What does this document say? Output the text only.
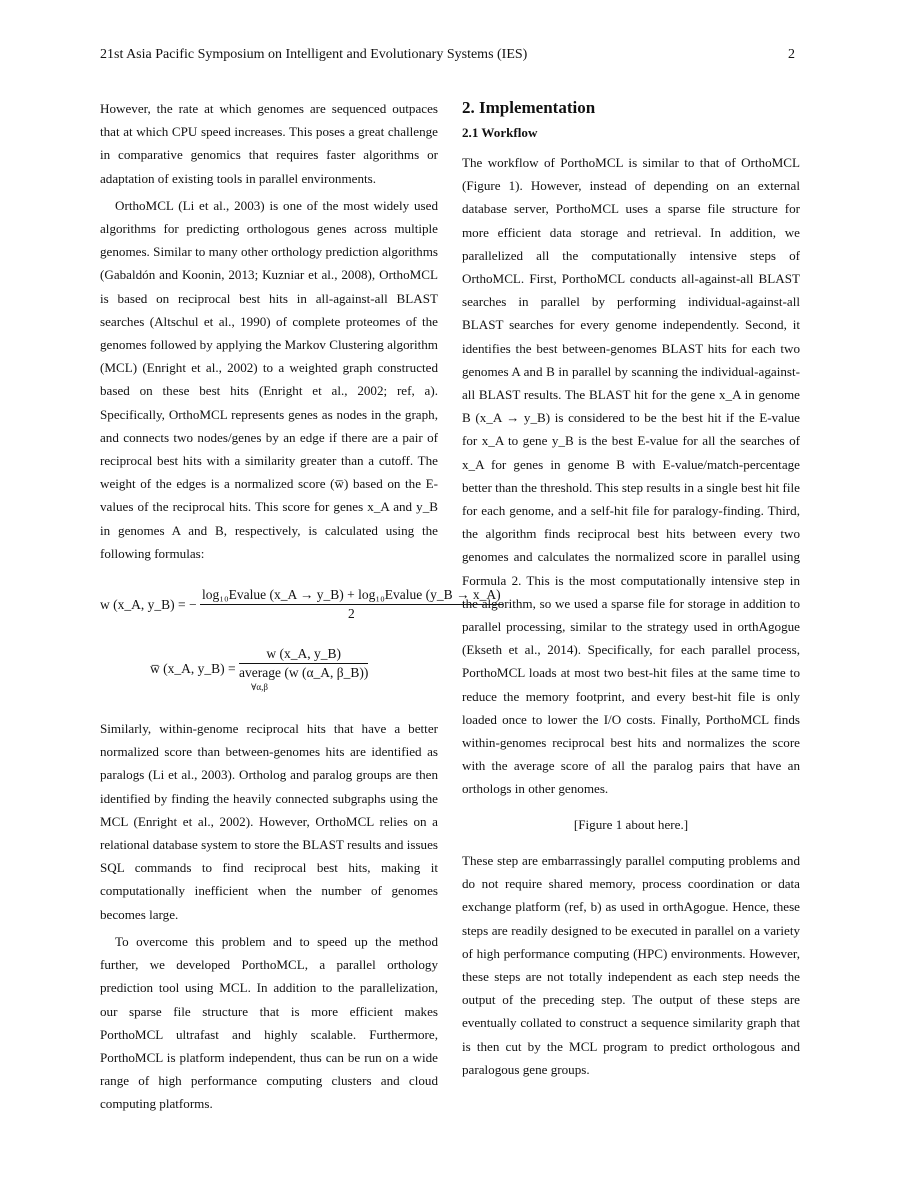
21st Asia Pacific Symposium on Intelligent and Evolutionary Systems (IES)	2

However, the rate at which genomes are sequenced outpaces that at which CPU speed increases. This poses a great challenge in comparative genomics that requires faster algorithms or adaptation of existing tools in parallel environments.

OrthoMCL (Li et al., 2003) is one of the most widely used algorithms for predicting orthologous genes across multiple genomes. Similar to many other orthology prediction algorithms (Gabaldón and Koonin, 2013; Kuzniar et al., 2008), OrthoMCL is based on reciprocal best hits in all-against-all BLAST searches (Altschul et al., 1990) of complete proteomes of the genomes followed by applying the Markov Clustering algorithm (MCL) (Enright et al., 2002) to a weighted graph constructed based on these best hits (Enright et al., 2002; ref, a). Specifically, OrthoMCL represents genes as nodes in the graph, and connects two nodes/genes by an edge if there are a pair of reciprocal best hits with a similarity greater than a cutoff. The weight of the edges is a normalized score (w̅) based on the E-values of the reciprocal hits. This score for genes x_A and y_B in genomes A and B, respectively, is calculated using the following formulas:

Similarly, within-genome reciprocal hits that have a better normalized score than between-genomes hits are identified as paralogs (Li et al., 2003). Ortholog and paralog groups are then identified by finding the heavily connected subgraphs using the MCL (Enright et al., 2002). However, OrthoMCL relies on a relational database system to store the BLAST results and issues SQL commands to find reciprocal best hits, making it computationally inefficient when the number of genomes becomes large.

To overcome this problem and to speed up the method further, we developed PorthoMCL, a parallel orthology prediction tool using MCL. In addition to the parallelization, our sparse file structure that is more efficient makes PorthoMCL ultrafast and highly scalable. Furthermore, PorthoMCL is platform independent, thus can be run on a wide range of high performance computing clusters and cloud computing platforms.

w (x_A, y_B) = − $\frac{\text{log₁₀Evalue (x\_A → y\_B) + log₁₀Evalue (y\_B → x\_A)}}{2}$
w̅ (x_A, y_B) = w (x_A, y_B)
average (w (α_A, β_B))
∀α,β
2. Implementation
2.1 Workflow

The workflow of PorthoMCL is similar to that of OrthoMCL (Figure 1). However, instead of depending on an external database server, PorthoMCL uses a sparse file structure for more efficient data storage and retrieval. In addition, we parallelized all the computationally intensive steps of OrthoMCL. First, PorthoMCL conducts all-against-all BLAST searches in parallel by performing individual-against-all BLAST searches for every genome independently. Second, it identifies the best between-genomes BLAST hits for each two genomes A and B in parallel by scanning the individual-against-all BLAST results. The BLAST hit for the gene x_A in genome B (x_A → y_B) is considered to be the best hit if the E-value for x_A to gene y_B is the best E-value for all the searches of x_A for genes in genome B with E-value/match-percentage better than the threshold. This step results in a single best hit file for each genome, and a self-hit file for paralogy-finding. Third, the algorithm finds reciprocal best hits between every two genomes and calculates the normalized score in parallel using Formula 2. This is the most computationally intensive step in the algorithm, so we used a sparse file for storage in addition to parallel processing, similar to the strategy used in orthAgogue (Ekseth et al., 2014). Specifically, for each parallel process, PorthoMCL loads at most two best-hit files at the same time to reduce the memory footprint, and every best-hit file is only loaded once to lower the I/O costs. Finally, PorthoMCL finds within-genomes reciprocal best hits and normalizes the score with the average score of all the paralog pairs that have an orthologs in other genomes.

[Figure 1 about here.]

These step are embarrassingly parallel computing problems and do not require shared memory, process coordination or data exchange platform (ref, b) as used in orthAgogue. Hence, these steps are readily designed to be executed in parallel on a variety of high performance computing (HPC) environments. However, these steps are not totally independent as each step needs the output of the preceding step. The output of these steps are eventually collated to construct a sequence similarity graph that is then cut by the MCL program to predict orthologous and paralogous gene groups.
